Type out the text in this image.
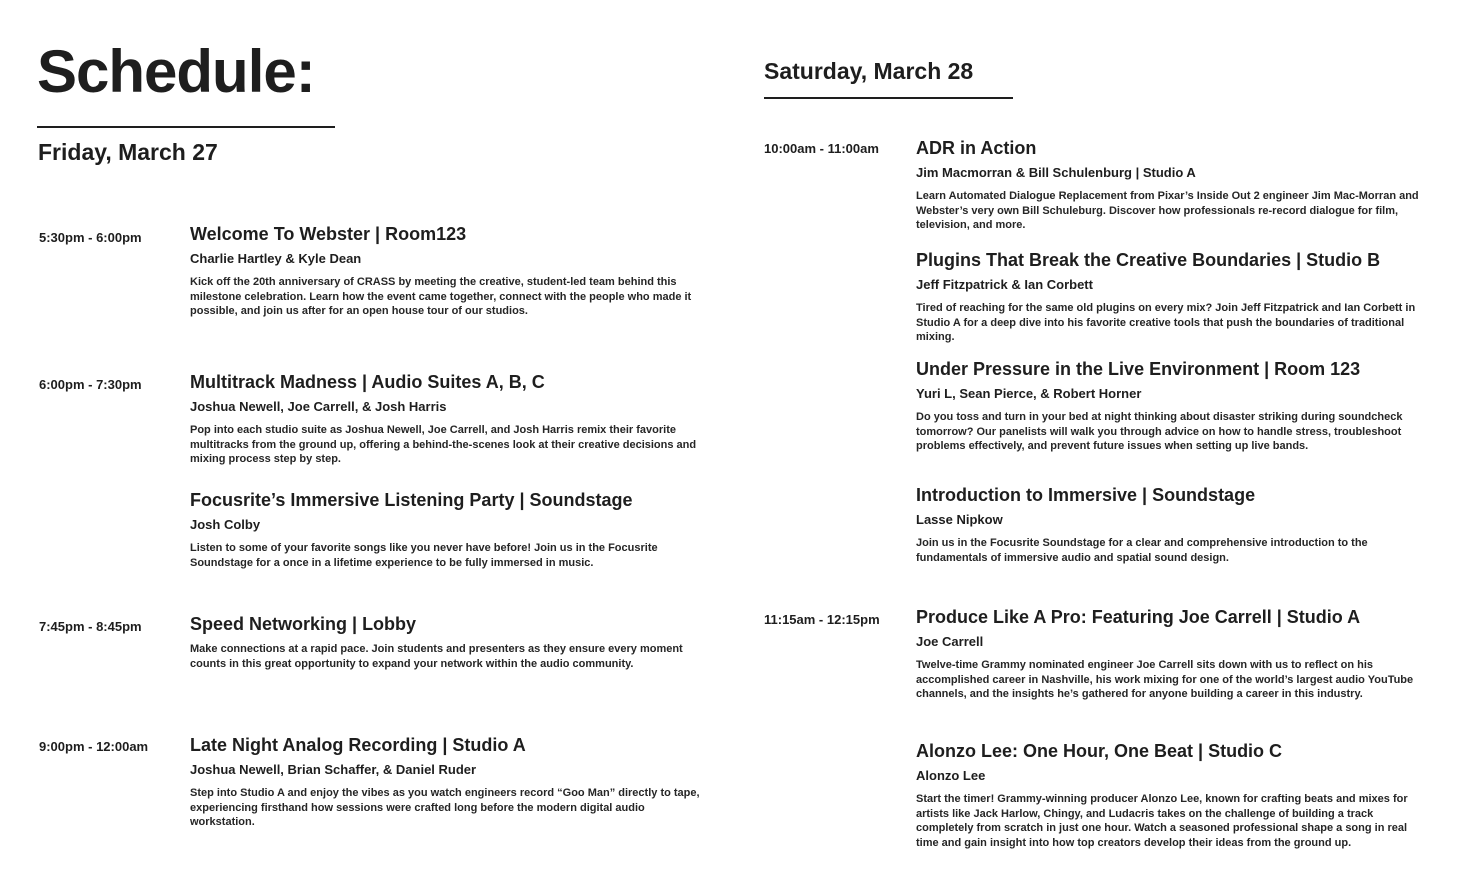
Schedule:
Friday, March 27
5:30pm - 6:00pm	Welcome To Webster | Room123
Charlie Hartley & Kyle Dean
Kick off the 20th anniversary of CRASS by meeting the creative, student-led team behind this milestone celebration. Learn how the event came together, connect with the people who made it possible, and join us after for an open house tour of our studios.
6:00pm - 7:30pm	Multitrack Madness | Audio Suites A, B, C
Joshua Newell, Joe Carrell, & Josh Harris
Pop into each studio suite as Joshua Newell, Joe Carrell, and Josh Harris remix their favorite multitracks from the ground up, offering a behind-the-scenes look at their creative decisions and mixing process step by step.
Focusrite’s Immersive Listening Party | Soundstage
Josh Colby
Listen to some of your favorite songs like you never have before! Join us in the Focusrite Soundstage for a once in a lifetime experience to be fully immersed in music.
7:45pm - 8:45pm	Speed Networking | Lobby
Make connections at a rapid pace. Join students and presenters as they ensure every moment counts in this great opportunity to expand your network within the audio community.
9:00pm - 12:00am Late Night Analog Recording | Studio A
Joshua Newell, Brian Schaffer, & Daniel Ruder
Step into Studio A and enjoy the vibes as you watch engineers record “Goo Man” directly to tape, experiencing firsthand how sessions were crafted long before the modern digital audio workstation.
Saturday, March 28
10:00am - 11:00am ADR in Action
Jim Macmorran & Bill Schulenburg | Studio A
Learn Automated Dialogue Replacement from Pixar’s Inside Out 2 engineer Jim Mac-Morran and Webster’s very own Bill Schuleburg. Discover how professionals re-record dialogue for film, television, and more.
Plugins That Break the Creative Boundaries | Studio B
Jeff Fitzpatrick & Ian Corbett
Tired of reaching for the same old plugins on every mix? Join Jeff Fitzpatrick and Ian Corbett in Studio A for a deep dive into his favorite creative tools that push the boundaries of traditional mixing.
Under Pressure in the Live Environment | Room 123
Yuri L, Sean Pierce, & Robert Horner
Do you toss and turn in your bed at night thinking about disaster striking during soundcheck tomorrow? Our panelists will walk you through advice on how to handle stress, troubleshoot problems effectively, and prevent future issues when setting up live bands.
Introduction to Immersive | Soundstage
Lasse Nipkow
Join us in the Focusrite Soundstage for a clear and comprehensive introduction to the fundamentals of immersive audio and spatial sound design.
11:15am - 12:15pm Produce Like A Pro: Featuring Joe Carrell | Studio A
Joe Carrell
Twelve-time Grammy nominated engineer Joe Carrell sits down with us to reflect on his accomplished career in Nashville, his work mixing for one of the world’s largest audio YouTube channels, and the insights he’s gathered for anyone building a career in this industry.
Alonzo Lee: One Hour, One Beat | Studio C
Alonzo Lee
Start the timer! Grammy-winning producer Alonzo Lee, known for crafting beats and mixes for artists like Jack Harlow, Chingy, and Ludacris takes on the challenge of building a track completely from scratch in just one hour. Watch a seasoned professional shape a song in real time and gain insight into how top creators develop their ideas from the ground up.
